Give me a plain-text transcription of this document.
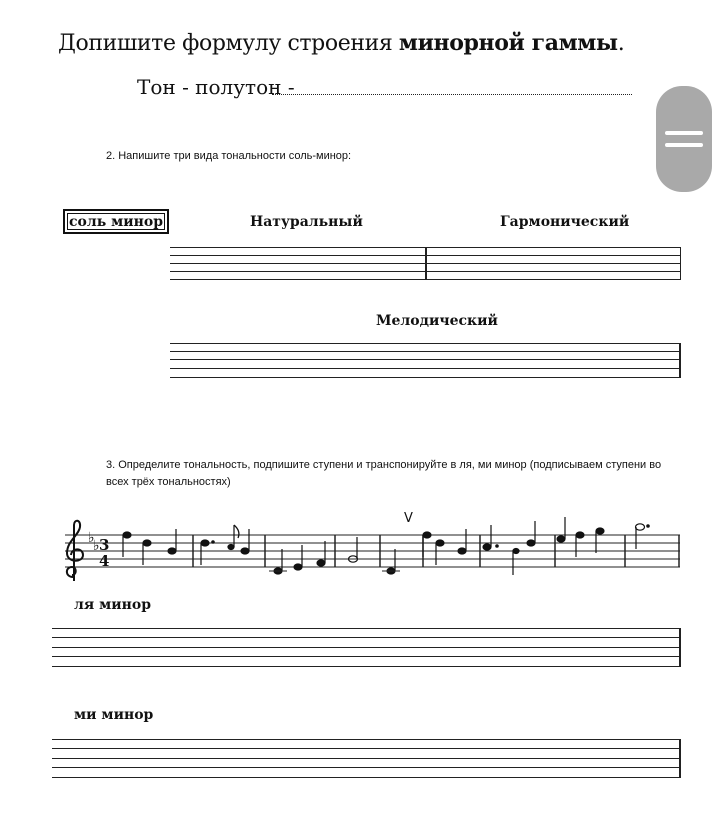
Допишите формулу строения минорной гаммы.
Тон - полутон -
2. Напишите три вида тональности соль-минор:
соль минор	Натуральный	Гармонический
Мелодический
3. Определите тональность, подпишите ступени и транспонируйте в ля, ми минор (подписываем ступени во всех трёх тональностях)
♭
♭ 3
4
V
ля минор
ми минор
